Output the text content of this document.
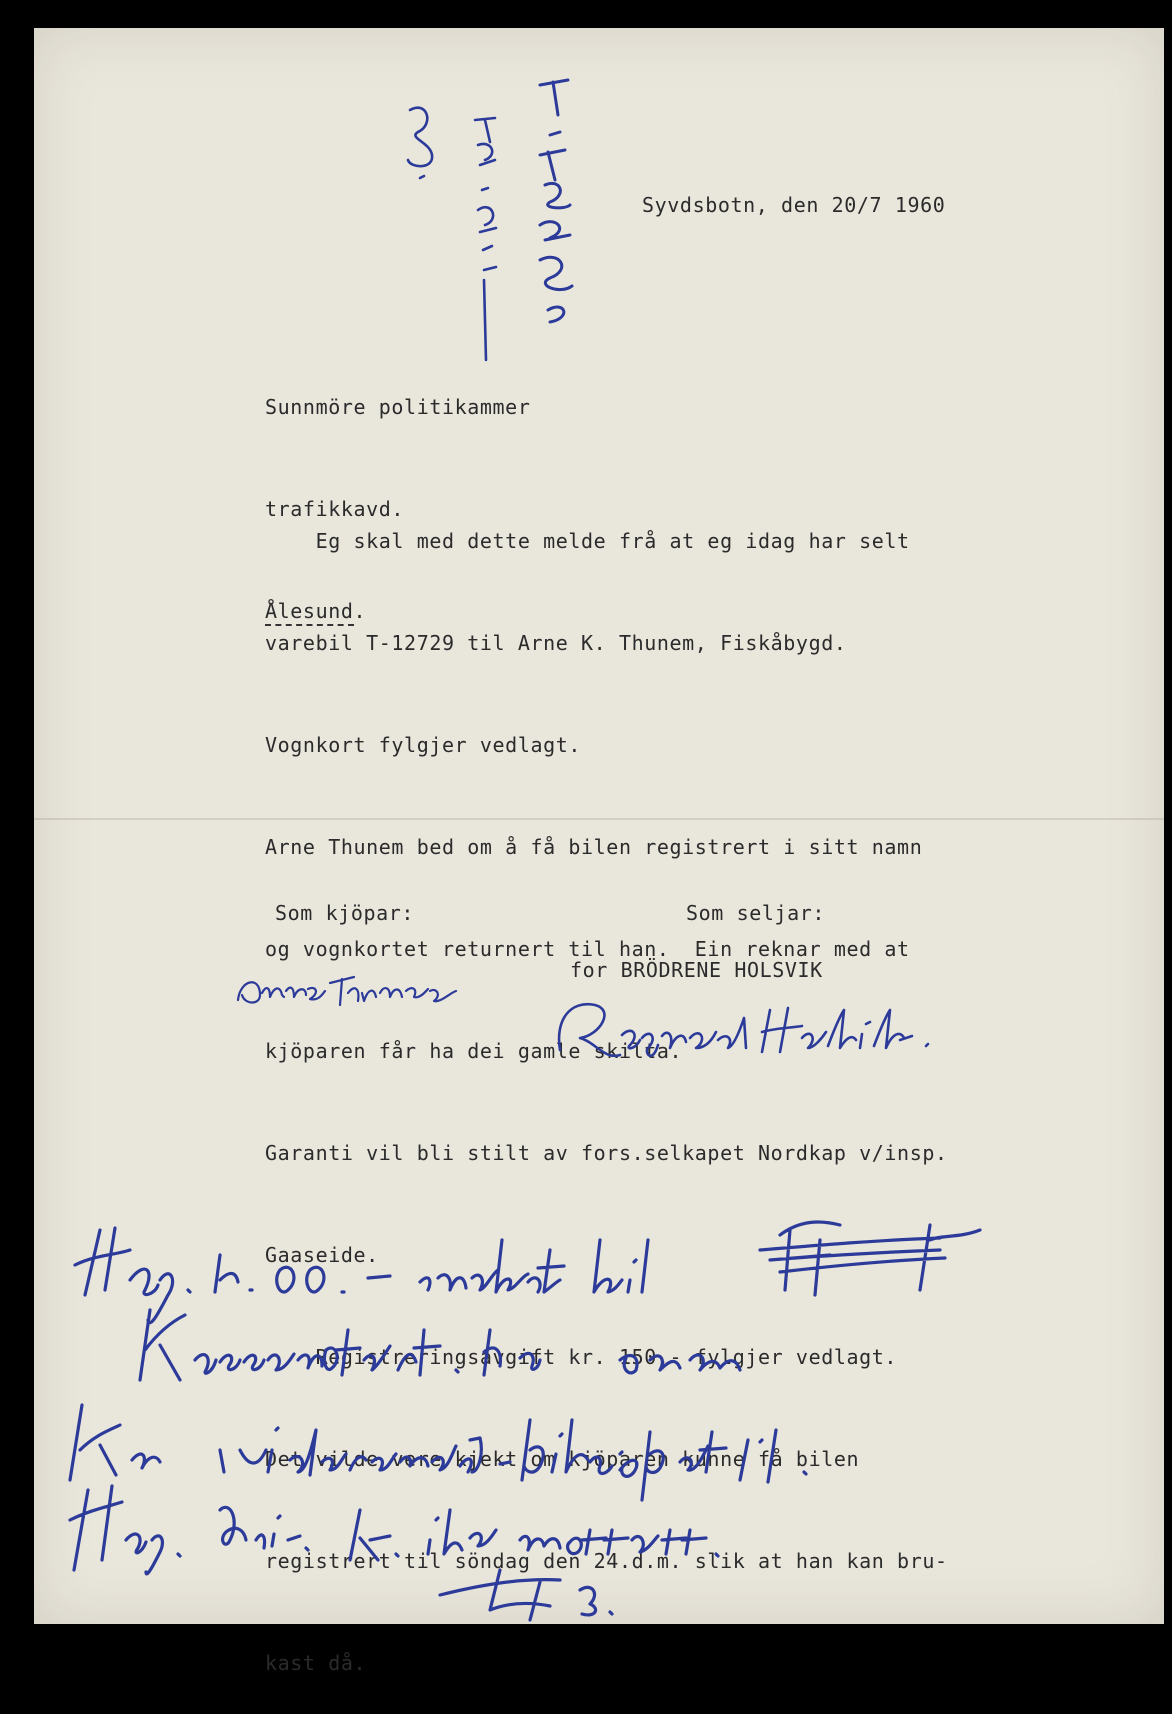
Syvdsbotn, den 20/7 1960

Sunnmöre politikammer

trafikkavd.

Ålesund.

Eg skal med dette melde frå at eg idag har selt

varebil T-12729 til Arne K. Thunem, Fiskåbygd.

Vognkort fylgjer vedlagt.

Arne Thunem bed om å få bilen registrert i sitt namn

og vognkortet returnert til han.  Ein reknar med at

kjöparen får ha dei gamle skilta.

Garanti vil bli stilt av fors.selkapet Nordkap v/insp.

Gaaseide.

Registreringsavgift kr. 150,- fylgjer vedlagt.

Det vilde vere kjekt om kjöparen kunne få bilen

registrert til söndag den 24.d.m. slik at han kan bru-

kast då.

Som kjöpar:	Som seljar:
for BRÖDRENE HOLSVIK
